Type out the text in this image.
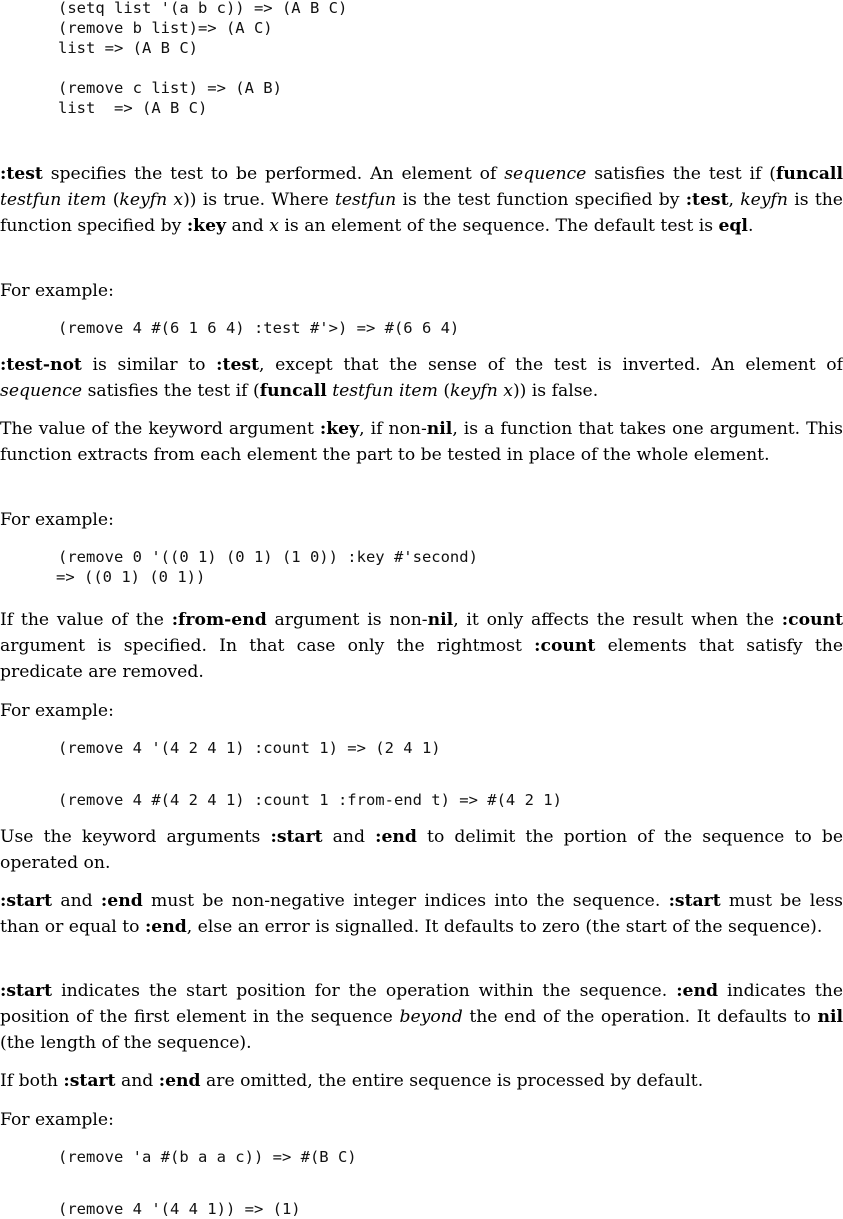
(setq list '(a b c)) => (A B C)
(remove b list)=> (A C)
list => (A B C)

(remove c list) => (A B)
list  => (A B C)

:test specifies the test to be performed. An element of sequence satisfies the test if (funcall testfun item (keyfn x)) is true. Where testfun is the test function specified by :test, keyfn is the function specified by :key and x is an element of the sequence. The default test is eql.

For example:

(remove 4 #(6 1 6 4) :test #'>) => #(6 6 4)

:test-not is similar to :test, except that the sense of the test is inverted. An element of sequence satisfies the test if (funcall testfun item (keyfn x)) is false.

The value of the keyword argument :key, if non-nil, is a function that takes one argument. This function extracts from each element the part to be tested in place of the whole element.

For example:

(remove 0 '((0 1) (0 1) (1 0)) :key #'second)
=> ((0 1) (0 1))

If the value of the :from-end argument is non-nil, it only affects the result when the :count argument is specified. In that case only the rightmost :count elements that satisfy the predicate are removed.

For example:

(remove 4 '(4 2 4 1) :count 1) => (2 4 1)

(remove 4 #(4 2 4 1) :count 1 :from-end t) => #(4 2 1)

Use the keyword arguments :start and :end to delimit the portion of the sequence to be operated on.

:start and :end must be non-negative integer indices into the sequence. :start must be less than or equal to :end, else an error is signalled. It defaults to zero (the start of the sequence).

:start indicates the start position for the operation within the sequence. :end indicates the position of the first element in the sequence beyond the end of the operation. It defaults to nil (the length of the sequence).

If both :start and :end are omitted, the entire sequence is processed by default.

For example:

(remove 'a #(b a a c)) => #(B C)

(remove 4 '(4 4 1)) => (1)
